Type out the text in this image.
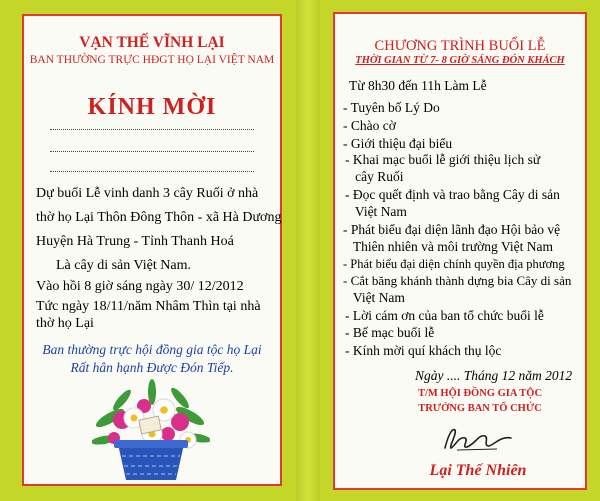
VẠN THẾ VĨNH LẠI

BAN THƯỜNG TRỰC HĐGT HỌ LẠI VIỆT NAM

KÍNH MỜI

Dự buổi Lễ vinh danh 3 cây Ruối ở nhà

thờ họ Lại Thôn Đông Thôn - xã Hà Dương

Huyện Hà Trung - Tỉnh Thanh Hoá

Là cây di sản Việt Nam.

Vào hồi 8 giờ sáng ngày 30/ 12/2012

Tức ngày 18/11/năm Nhâm Thìn tại nhà

thờ họ Lại

Ban thường trực hội đồng gia tộc họ Lại

Rất hân hạnh Được Đón Tiếp.

CHƯƠNG TRÌNH BUỔI LỄ

THỜI GIAN TỪ 7- 8 GIỜ SÁNG ĐÓN KHÁCH

Từ 8h30 đến 11h Làm Lễ

- Tuyên bố Lý Do

- Chào cờ

- Giới thiệu đại biểu

- Khai mạc buổi lễ giới thiệu lịch sử

cây Ruối

- Đọc quết định và trao bằng Cây di sản

Việt Nam

- Phát biểu đại diện lãnh đạo Hội bảo vệ

Thiên nhiên và môi trường Việt Nam

- Phát biểu đại diện chính quyền địa phương

- Cắt băng khánh thành dựng bia Cây di sản

Việt Nam

- Lời cám ơn của ban tổ chức buổi lễ

- Bế mạc buổi lễ

- Kính mời quí khách thụ lộc

Ngày .... Tháng 12 năm 2012

T/M HỘI ĐỒNG GIA TỘC

TRƯỞNG BAN TỔ CHỨC

Lại Thế Nhiên
